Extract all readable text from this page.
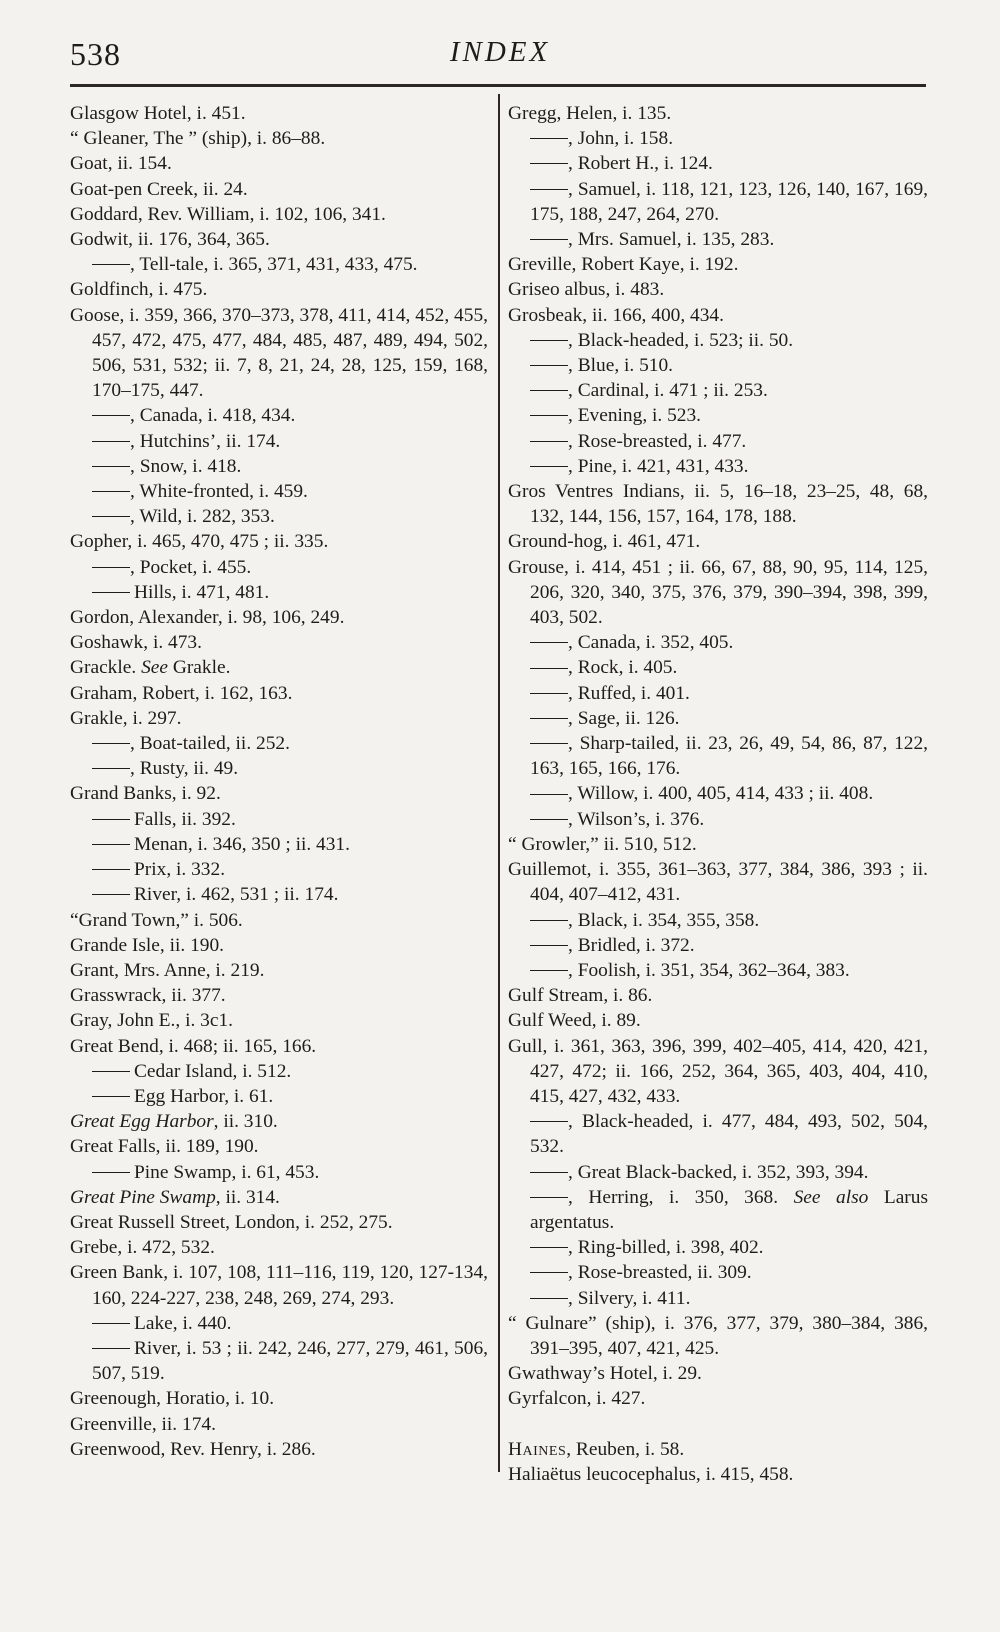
538	INDEX
Glasgow Hotel, i. 451.
“ Gleaner, The ” (ship), i. 86–88.
Goat, ii. 154.
Goat-pen Creek, ii. 24.
Goddard, Rev. William, i. 102, 106, 341.
Godwit, ii. 176, 364, 365.
, Tell-tale, i. 365, 371, 431, 433, 475.
Goldfinch, i. 475.
Goose, i. 359, 366, 370–373, 378, 411, 414, 452, 455, 457, 472, 475, 477, 484, 485, 487, 489, 494, 502, 506, 531, 532; ii. 7, 8, 21, 24, 28, 125, 159, 168, 170–175, 447.
, Canada, i. 418, 434.
, Hutchins’, ii. 174.
, Snow, i. 418.
, White-fronted, i. 459.
, Wild, i. 282, 353.
Gopher, i. 465, 470, 475 ; ii. 335.
, Pocket, i. 455.
Hills, i. 471, 481.
Gordon, Alexander, i. 98, 106, 249.
Goshawk, i. 473.
Grackle. See Grakle.
Graham, Robert, i. 162, 163.
Grakle, i. 297.
, Boat-tailed, ii. 252.
, Rusty, ii. 49.
Grand Banks, i. 92.
Falls, ii. 392.
Menan, i. 346, 350 ; ii. 431.
Prix, i. 332.
River, i. 462, 531 ; ii. 174.
“Grand Town,” i. 506.
Grande Isle, ii. 190.
Grant, Mrs. Anne, i. 219.
Grasswrack, ii. 377.
Gray, John E., i. 3c1.
Great Bend, i. 468; ii. 165, 166.
Cedar Island, i. 512.
Egg Harbor, i. 61.
Great Egg Harbor, ii. 310.
Great Falls, ii. 189, 190.
Pine Swamp, i. 61, 453.
Great Pine Swamp, ii. 314.
Great Russell Street, London, i. 252, 275.
Grebe, i. 472, 532.
Green Bank, i. 107, 108, 111–116, 119, 120, 127-134, 160, 224-227, 238, 248, 269, 274, 293.
Lake, i. 440.
River, i. 53 ; ii. 242, 246, 277, 279, 461, 506, 507, 519.
Greenough, Horatio, i. 10.
Greenville, ii. 174.
Greenwood, Rev. Henry, i. 286.
Gregg, Helen, i. 135.
, John, i. 158.
, Robert H., i. 124.
, Samuel, i. 118, 121, 123, 126, 140, 167, 169, 175, 188, 247, 264, 270.
, Mrs. Samuel, i. 135, 283.
Greville, Robert Kaye, i. 192.
Griseo albus, i. 483.
Grosbeak, ii. 166, 400, 434.
, Black-headed, i. 523; ii. 50.
, Blue, i. 510.
, Cardinal, i. 471 ; ii. 253.
, Evening, i. 523.
, Rose-breasted, i. 477.
, Pine, i. 421, 431, 433.
Gros Ventres Indians, ii. 5, 16–18, 23–25, 48, 68, 132, 144, 156, 157, 164, 178, 188.
Ground-hog, i. 461, 471.
Grouse, i. 414, 451 ; ii. 66, 67, 88, 90, 95, 114, 125, 206, 320, 340, 375, 376, 379, 390–394, 398, 399, 403, 502.
, Canada, i. 352, 405.
, Rock, i. 405.
, Ruffed, i. 401.
, Sage, ii. 126.
, Sharp-tailed, ii. 23, 26, 49, 54, 86, 87, 122, 163, 165, 166, 176.
, Willow, i. 400, 405, 414, 433 ; ii. 408.
, Wilson’s, i. 376.
“ Growler,” ii. 510, 512.
Guillemot, i. 355, 361–363, 377, 384, 386, 393 ; ii. 404, 407–412, 431.
, Black, i. 354, 355, 358.
, Bridled, i. 372.
, Foolish, i. 351, 354, 362–364, 383.
Gulf Stream, i. 86.
Gulf Weed, i. 89.
Gull, i. 361, 363, 396, 399, 402–405, 414, 420, 421, 427, 472; ii. 166, 252, 364, 365, 403, 404, 410, 415, 427, 432, 433.
, Black-headed, i. 477, 484, 493, 502, 504, 532.
, Great Black-backed, i. 352, 393, 394.
, Herring, i. 350, 368. See also Larus argentatus.
, Ring-billed, i. 398, 402.
, Rose-breasted, ii. 309.
, Silvery, i. 411.
“ Gulnare” (ship), i. 376, 377, 379, 380–384, 386, 391–395, 407, 421, 425.
Gwathway’s Hotel, i. 29.
Gyrfalcon, i. 427.
Haines, Reuben, i. 58.
Haliaëtus leucocephalus, i. 415, 458.
